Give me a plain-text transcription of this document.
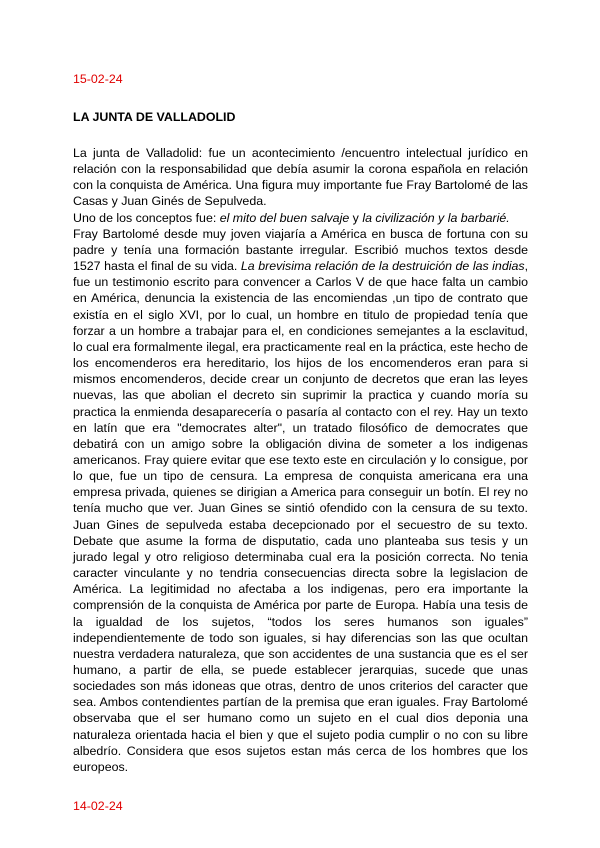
15-02-24

LA JUNTA DE VALLADOLID

La junta de Valladolid: fue un acontecimiento /encuentro intelectual jurídico en relación con la responsabilidad que debía asumir la corona española en relación con la conquista de América. Una figura muy importante fue Fray Bartolomé de las Casas y Juan Ginés de Sepulveda.

Uno de los conceptos fue: el mito del buen salvaje y la civilización y la barbarié.

Fray Bartolomé desde muy joven viajaría a América en busca de fortuna con su padre y tenía una formación bastante irregular. Escribió muchos textos desde 1527 hasta el final de su vida. La brevisima relación de la destruición de las indias, fue un testimonio escrito para convencer a Carlos V de que hace falta un cambio en América, denuncia la existencia de las encomiendas ,un tipo de contrato que existía en el siglo XVI, por lo cual, un hombre en titulo de propiedad tenía que forzar a un hombre a trabajar para el, en condiciones semejantes a la esclavitud, lo cual era formalmente ilegal, era practicamente real en la práctica, este hecho de los encomenderos era hereditario, los hijos de los encomenderos eran para si mismos encomenderos, decide crear un conjunto de decretos que eran las leyes nuevas, las que abolian el decreto sin suprimir la practica y cuando moría su practica la enmienda desaparecería o pasaría al contacto con el rey. Hay un texto en latín que era "democrates alter", un tratado filosófico de democrates que debatirá con un amigo sobre la obligación divina de someter a los indigenas americanos. Fray quiere evitar que ese texto este en circulación y lo consigue, por lo que, fue un tipo de censura. La empresa de conquista americana era una empresa privada, quienes se dirigian a America para conseguir un botín. El rey no tenía mucho que ver. Juan Gines se sintió ofendido con la censura de su texto. Juan Gines de sepulveda estaba decepcionado por el secuestro de su texto. Debate que asume la forma de disputatio, cada uno planteaba sus tesis y un jurado legal y otro religioso determinaba cual era la posición correcta. No tenia caracter vinculante y no tendria consecuencias directa sobre la legislacion de América. La legitimidad no afectaba a los indigenas, pero era importante la comprensión de la conquista de América por parte de Europa. Había una tesis de la igualdad de los sujetos, “todos los seres humanos son iguales” independientemente de todo son iguales, si hay diferencias son las que ocultan nuestra verdadera naturaleza, que son accidentes de una sustancia que es el ser humano, a partir de ella, se puede establecer jerarquias, sucede que unas sociedades son más idoneas que otras, dentro de unos criterios del caracter que sea. Ambos contendientes partían de la premisa que eran iguales. Fray Bartolomé observaba que el ser humano como un sujeto en el cual dios deponia una naturaleza orientada hacia el bien y que el sujeto podia cumplir o no con su libre albedrío. Considera que esos sujetos estan más cerca de los hombres que los europeos.

14-02-24
